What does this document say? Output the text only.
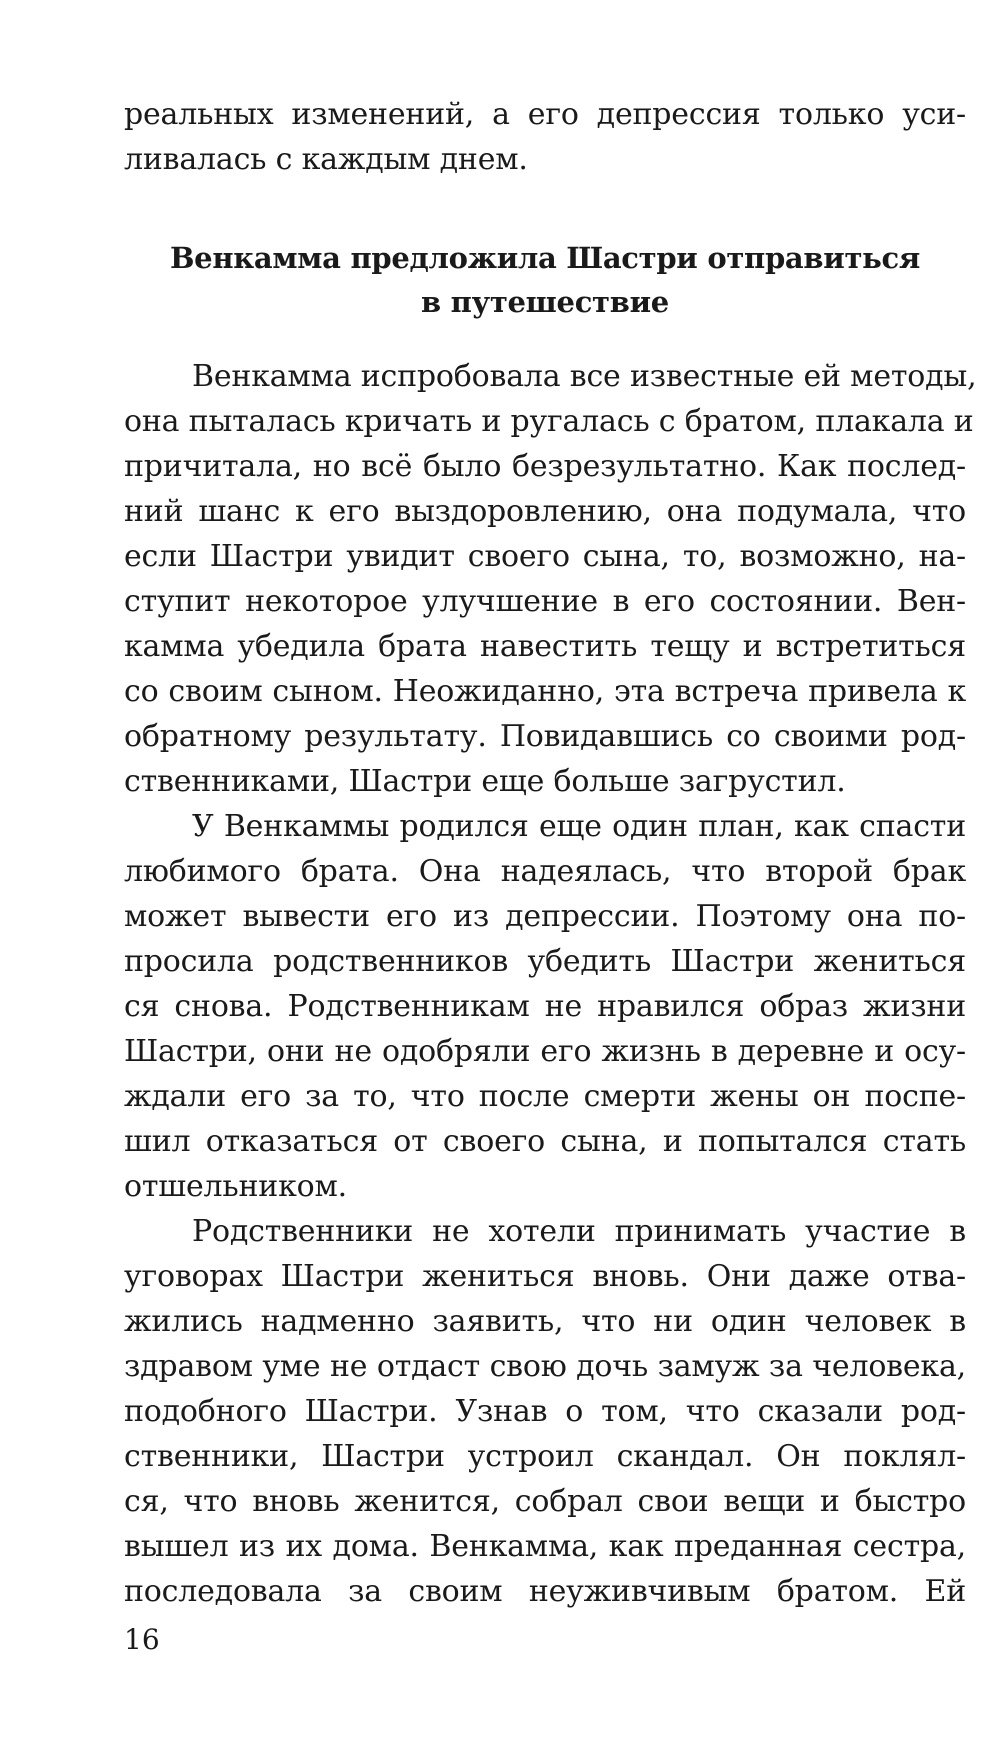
реальных изменений, а его депрессия только уси-
ливалась с каждым днем.
Венкамма предложила Шастри отправиться
в путешествие
Венкамма испробовала все известные ей методы,
она пыталась кричать и ругалась с братом, плакала и
причитала, но всё было безрезультатно. Как послед-
ний шанс к его выздоровлению, она подумала, что
если Шастри увидит своего сына, то, возможно, на-
ступит некоторое улучшение в его состоянии. Вен-
камма убедила брата навестить тещу и встретиться
со своим сыном. Неожиданно, эта встреча привела к
обратному результату. Повидавшись со своими род-
ственниками, Шастри еще больше загрустил.
У Венкаммы родился еще один план, как спасти
любимого брата. Она надеялась, что второй брак
может вывести его из депрессии. Поэтому она по-
просила родственников убедить Шастри жениться
ся снова. Родственникам не нравился образ жизни
Шастри, они не одобряли его жизнь в деревне и осу-
ждали его за то, что после смерти жены он поспе-
шил отказаться от своего сына, и попытался стать
отшельником.
Родственники не хотели принимать участие в
уговорах Шастри жениться вновь. Они даже отва-
жились надменно заявить, что ни один человек в
здравом уме не отдаст свою дочь замуж за человека,
подобного Шастри. Узнав о том, что сказали род-
ственники, Шастри устроил скандал. Он поклял-
ся, что вновь женится, собрал свои вещи и быстро
вышел из их дома. Венкамма, как преданная сестра,
последовала за своим неуживчивым братом. Ей
16
